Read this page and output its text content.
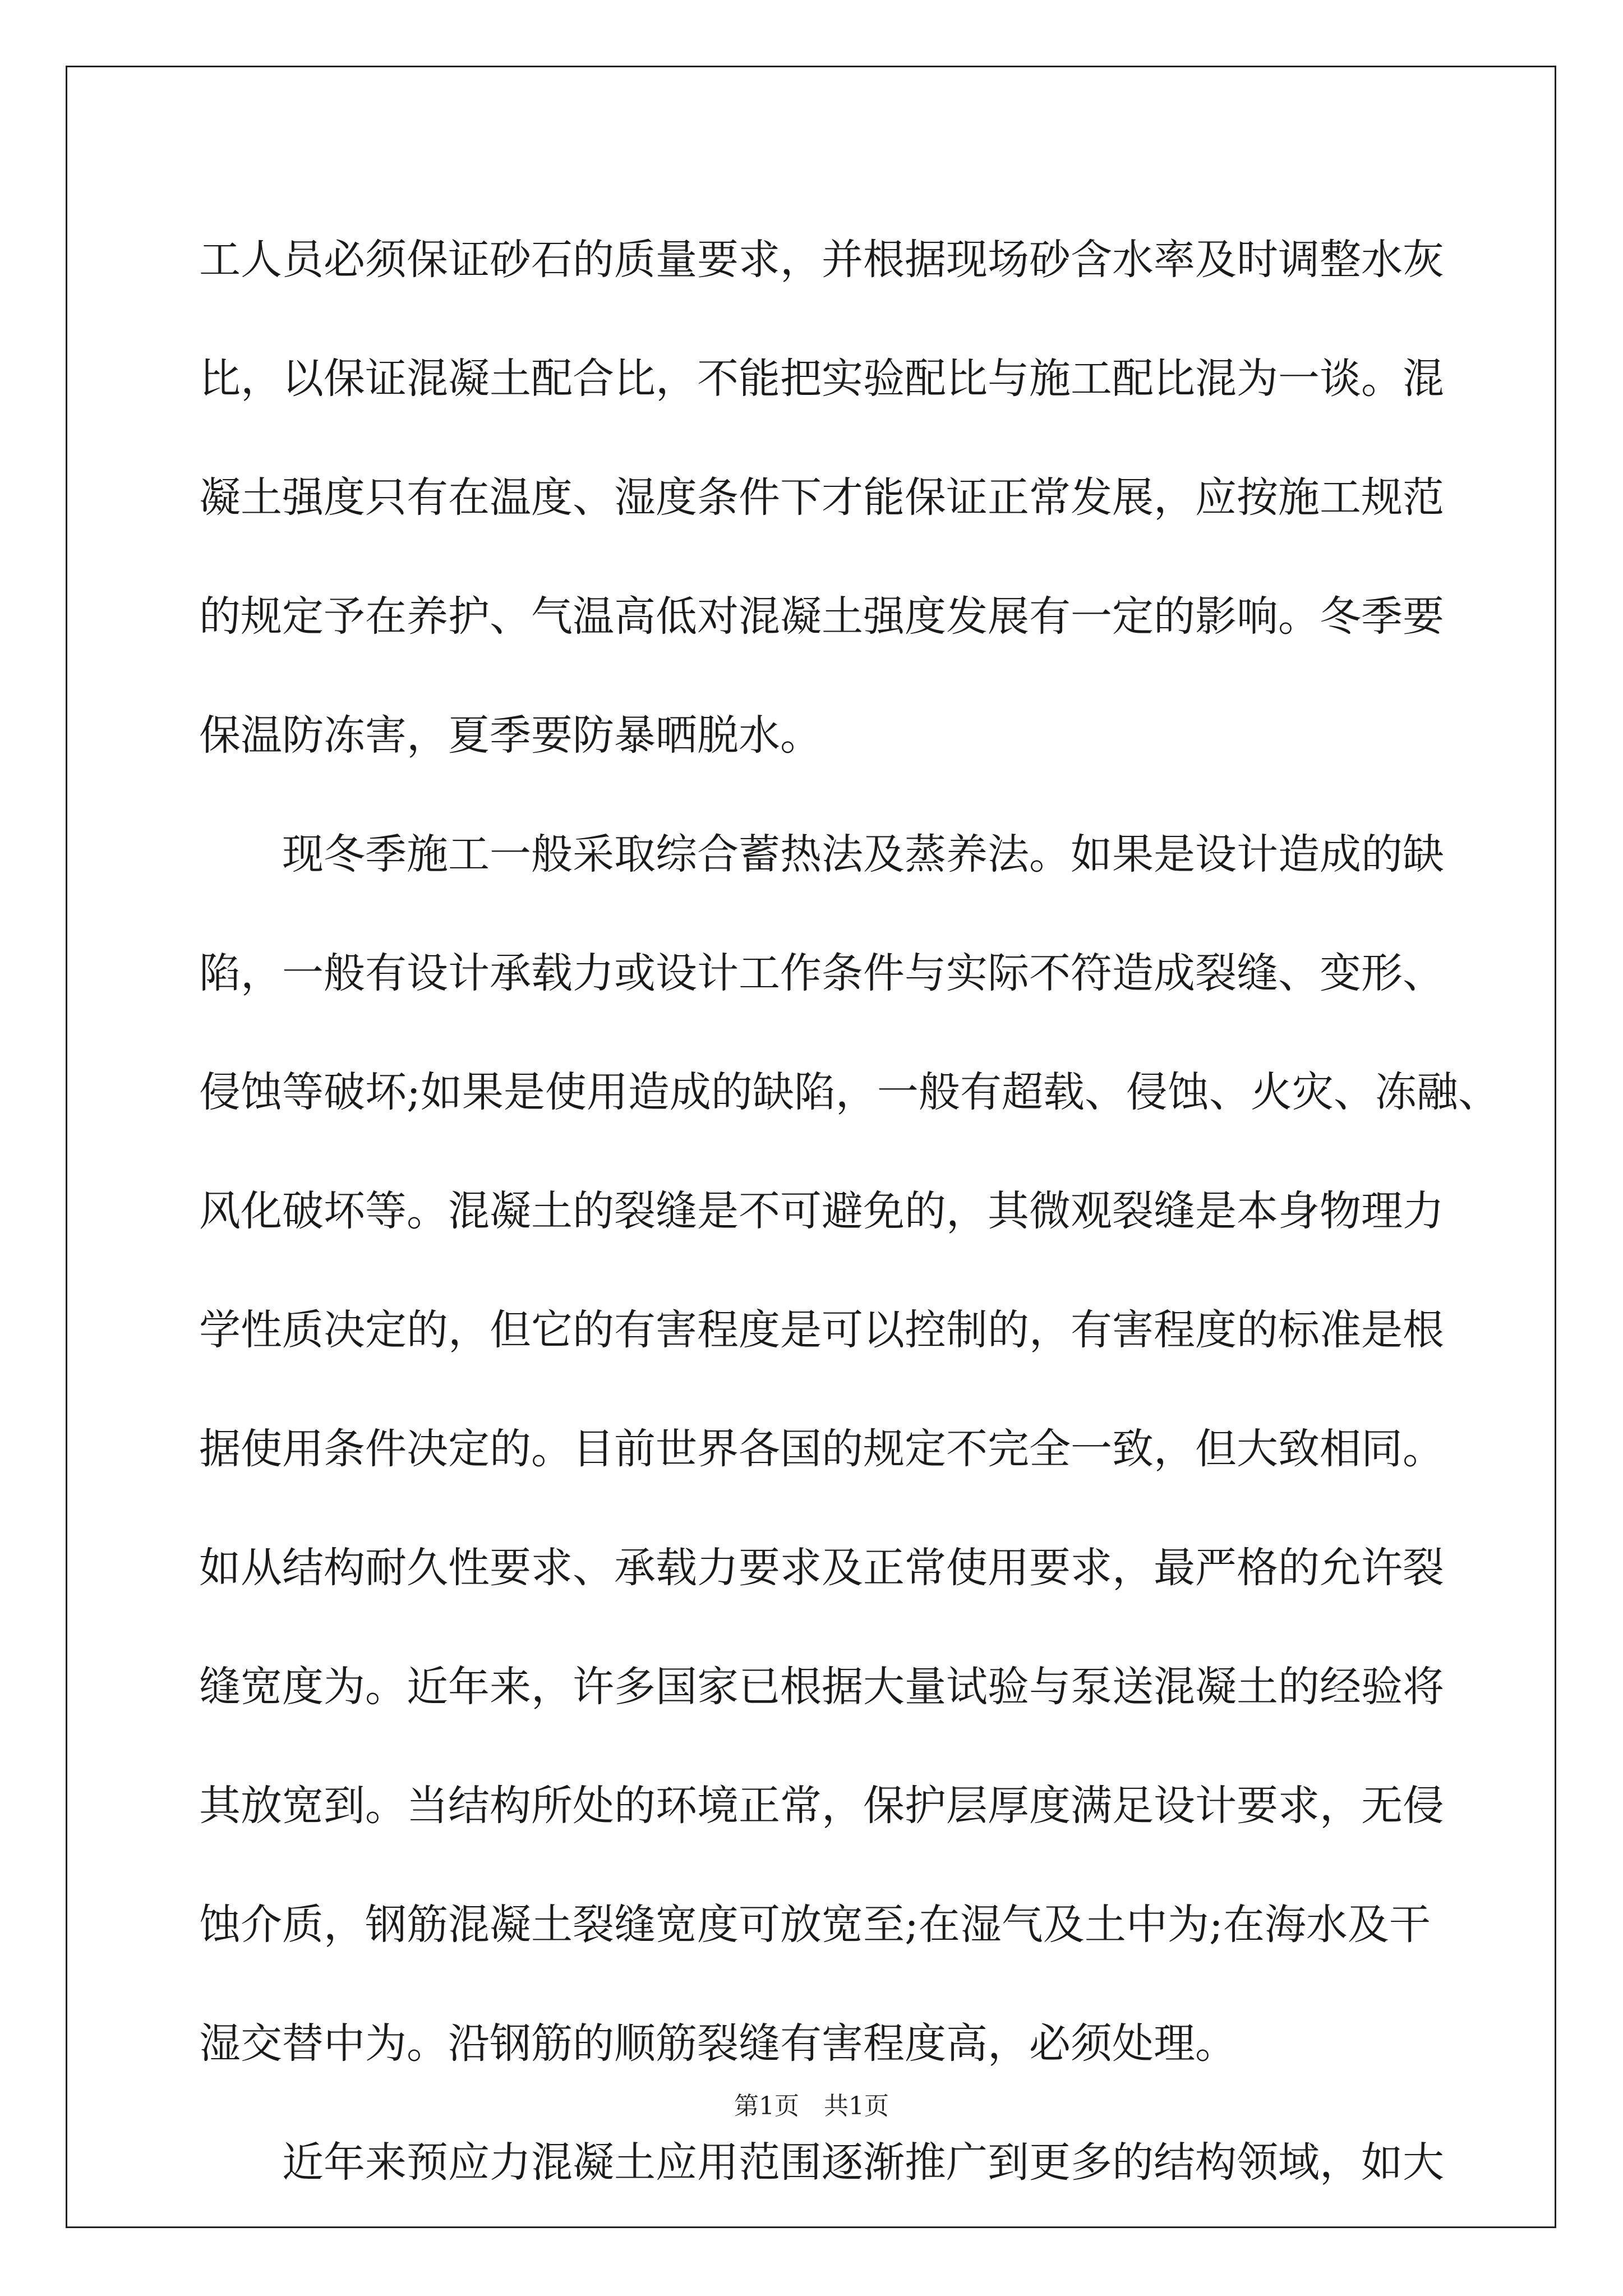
工人员必须保证砂石的质量要求，并根据现场砂含水率及时调整水灰
比，以保证混凝土配合比，不能把实验配比与施工配比混为一谈。混
凝土强度只有在温度、湿度条件下才能保证正常发展，应按施工规范
的规定予在养护、气温高低对混凝土强度发展有一定的影响。冬季要
保温防冻害，夏季要防暴晒脱水。
现冬季施工一般采取综合蓄热法及蒸养法。如果是设计造成的缺
陷，一般有设计承载力或设计工作条件与实际不符造成裂缝、变形、
侵蚀等破坏;如果是使用造成的缺陷，一般有超载、侵蚀、火灾、冻融、
风化破坏等。混凝土的裂缝是不可避免的，其微观裂缝是本身物理力
学性质决定的，但它的有害程度是可以控制的，有害程度的标准是根
据使用条件决定的。目前世界各国的规定不完全一致，但大致相同。
如从结构耐久性要求、承载力要求及正常使用要求，最严格的允许裂
缝宽度为。近年来，许多国家已根据大量试验与泵送混凝土的经验将
其放宽到。当结构所处的环境正常，保护层厚度满足设计要求，无侵
蚀介质，钢筋混凝土裂缝宽度可放宽至;在湿气及土中为;在海水及干
湿交替中为。沿钢筋的顺筋裂缝有害程度高，必须处理。
近年来预应力混凝土应用范围逐渐推广到更多的结构领域，如大
第1页　共1页
